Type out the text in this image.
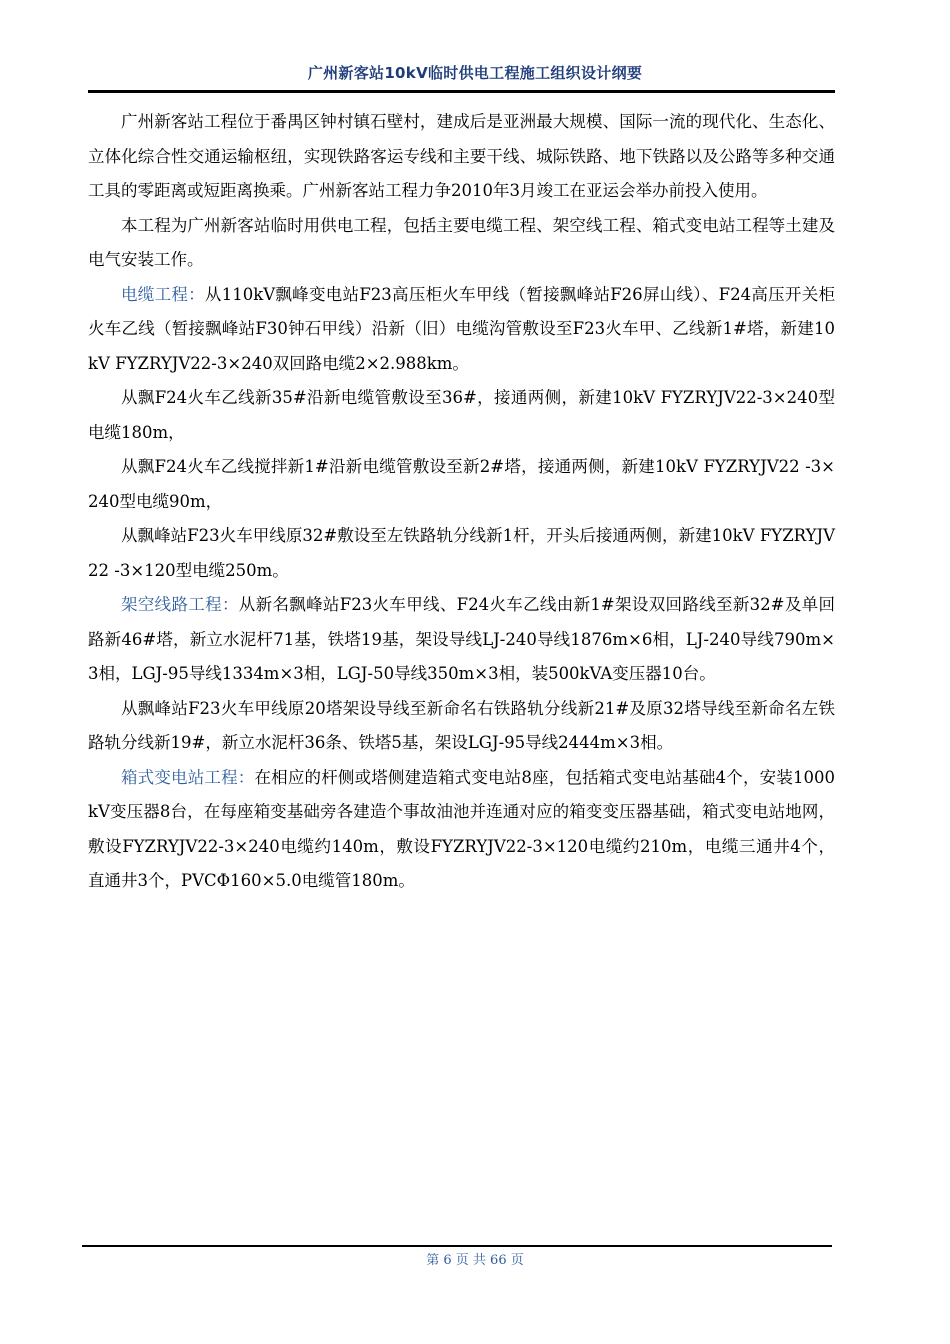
广州新客站10kV临时供电工程施工组织设计纲要

广州新客站工程位于番禺区钟村镇石壁村，建成后是亚洲最大规模、国际一流的现代化、生态化、立体化综合性交通运输枢纽，实现铁路客运专线和主要干线、城际铁路、地下铁路以及公路等多种交通工具的零距离或短距离换乘。广州新客站工程力争2010年3月竣工在亚运会举办前投入使用。

本工程为广州新客站临时用供电工程，包括主要电缆工程、架空线工程、箱式变电站工程等土建及电气安装工作。

电缆工程：从110kV飘峰变电站F23高压柜火车甲线（暂接飘峰站F26屏山线）、F24高压开关柜火车乙线（暂接飘峰站F30钟石甲线）沿新（旧）电缆沟管敷设至F23火车甲、乙线新1#塔，新建10kV FYZRYJV22-3×240双回路电缆2×2.988km。

从飘F24火车乙线新35#沿新电缆管敷设至36#，接通两侧，新建10kV FYZRYJV22-3×240型电缆180m，

从飘F24火车乙线搅拌新1#沿新电缆管敷设至新2#塔，接通两侧，新建10kV FYZRYJV22 -3×240型电缆90m，

从飘峰站F23火车甲线原32#敷设至左铁路轨分线新1杆，开头后接通两侧，新建10kV FYZRYJV22 -3×120型电缆250m。

架空线路工程：从新名飘峰站F23火车甲线、F24火车乙线由新1#架设双回路线至新32#及单回路新46#塔，新立水泥杆71基，铁塔19基，架设导线LJ-240导线1876m×6相，LJ-240导线790m×3相，LGJ-95导线1334m×3相，LGJ-50导线350m×3相，装500kVA变压器10台。

从飘峰站F23火车甲线原20塔架设导线至新命名右铁路轨分线新21#及原32塔导线至新命名左铁路轨分线新19#，新立水泥杆36条、铁塔5基，架设LGJ-95导线2444m×3相。

箱式变电站工程：在相应的杆侧或塔侧建造箱式变电站8座，包括箱式变电站基础4个，安装1000kV变压器8台，在每座箱变基础旁各建造个事故油池并连通对应的箱变变压器基础，箱式变电站地网，敷设FYZRYJV22-3×240电缆约140m，敷设FYZRYJV22-3×120电缆约210m，电缆三通井4个，直通井3个，PVCΦ160×5.0电缆管180m。

第 6 页 共 66 页
